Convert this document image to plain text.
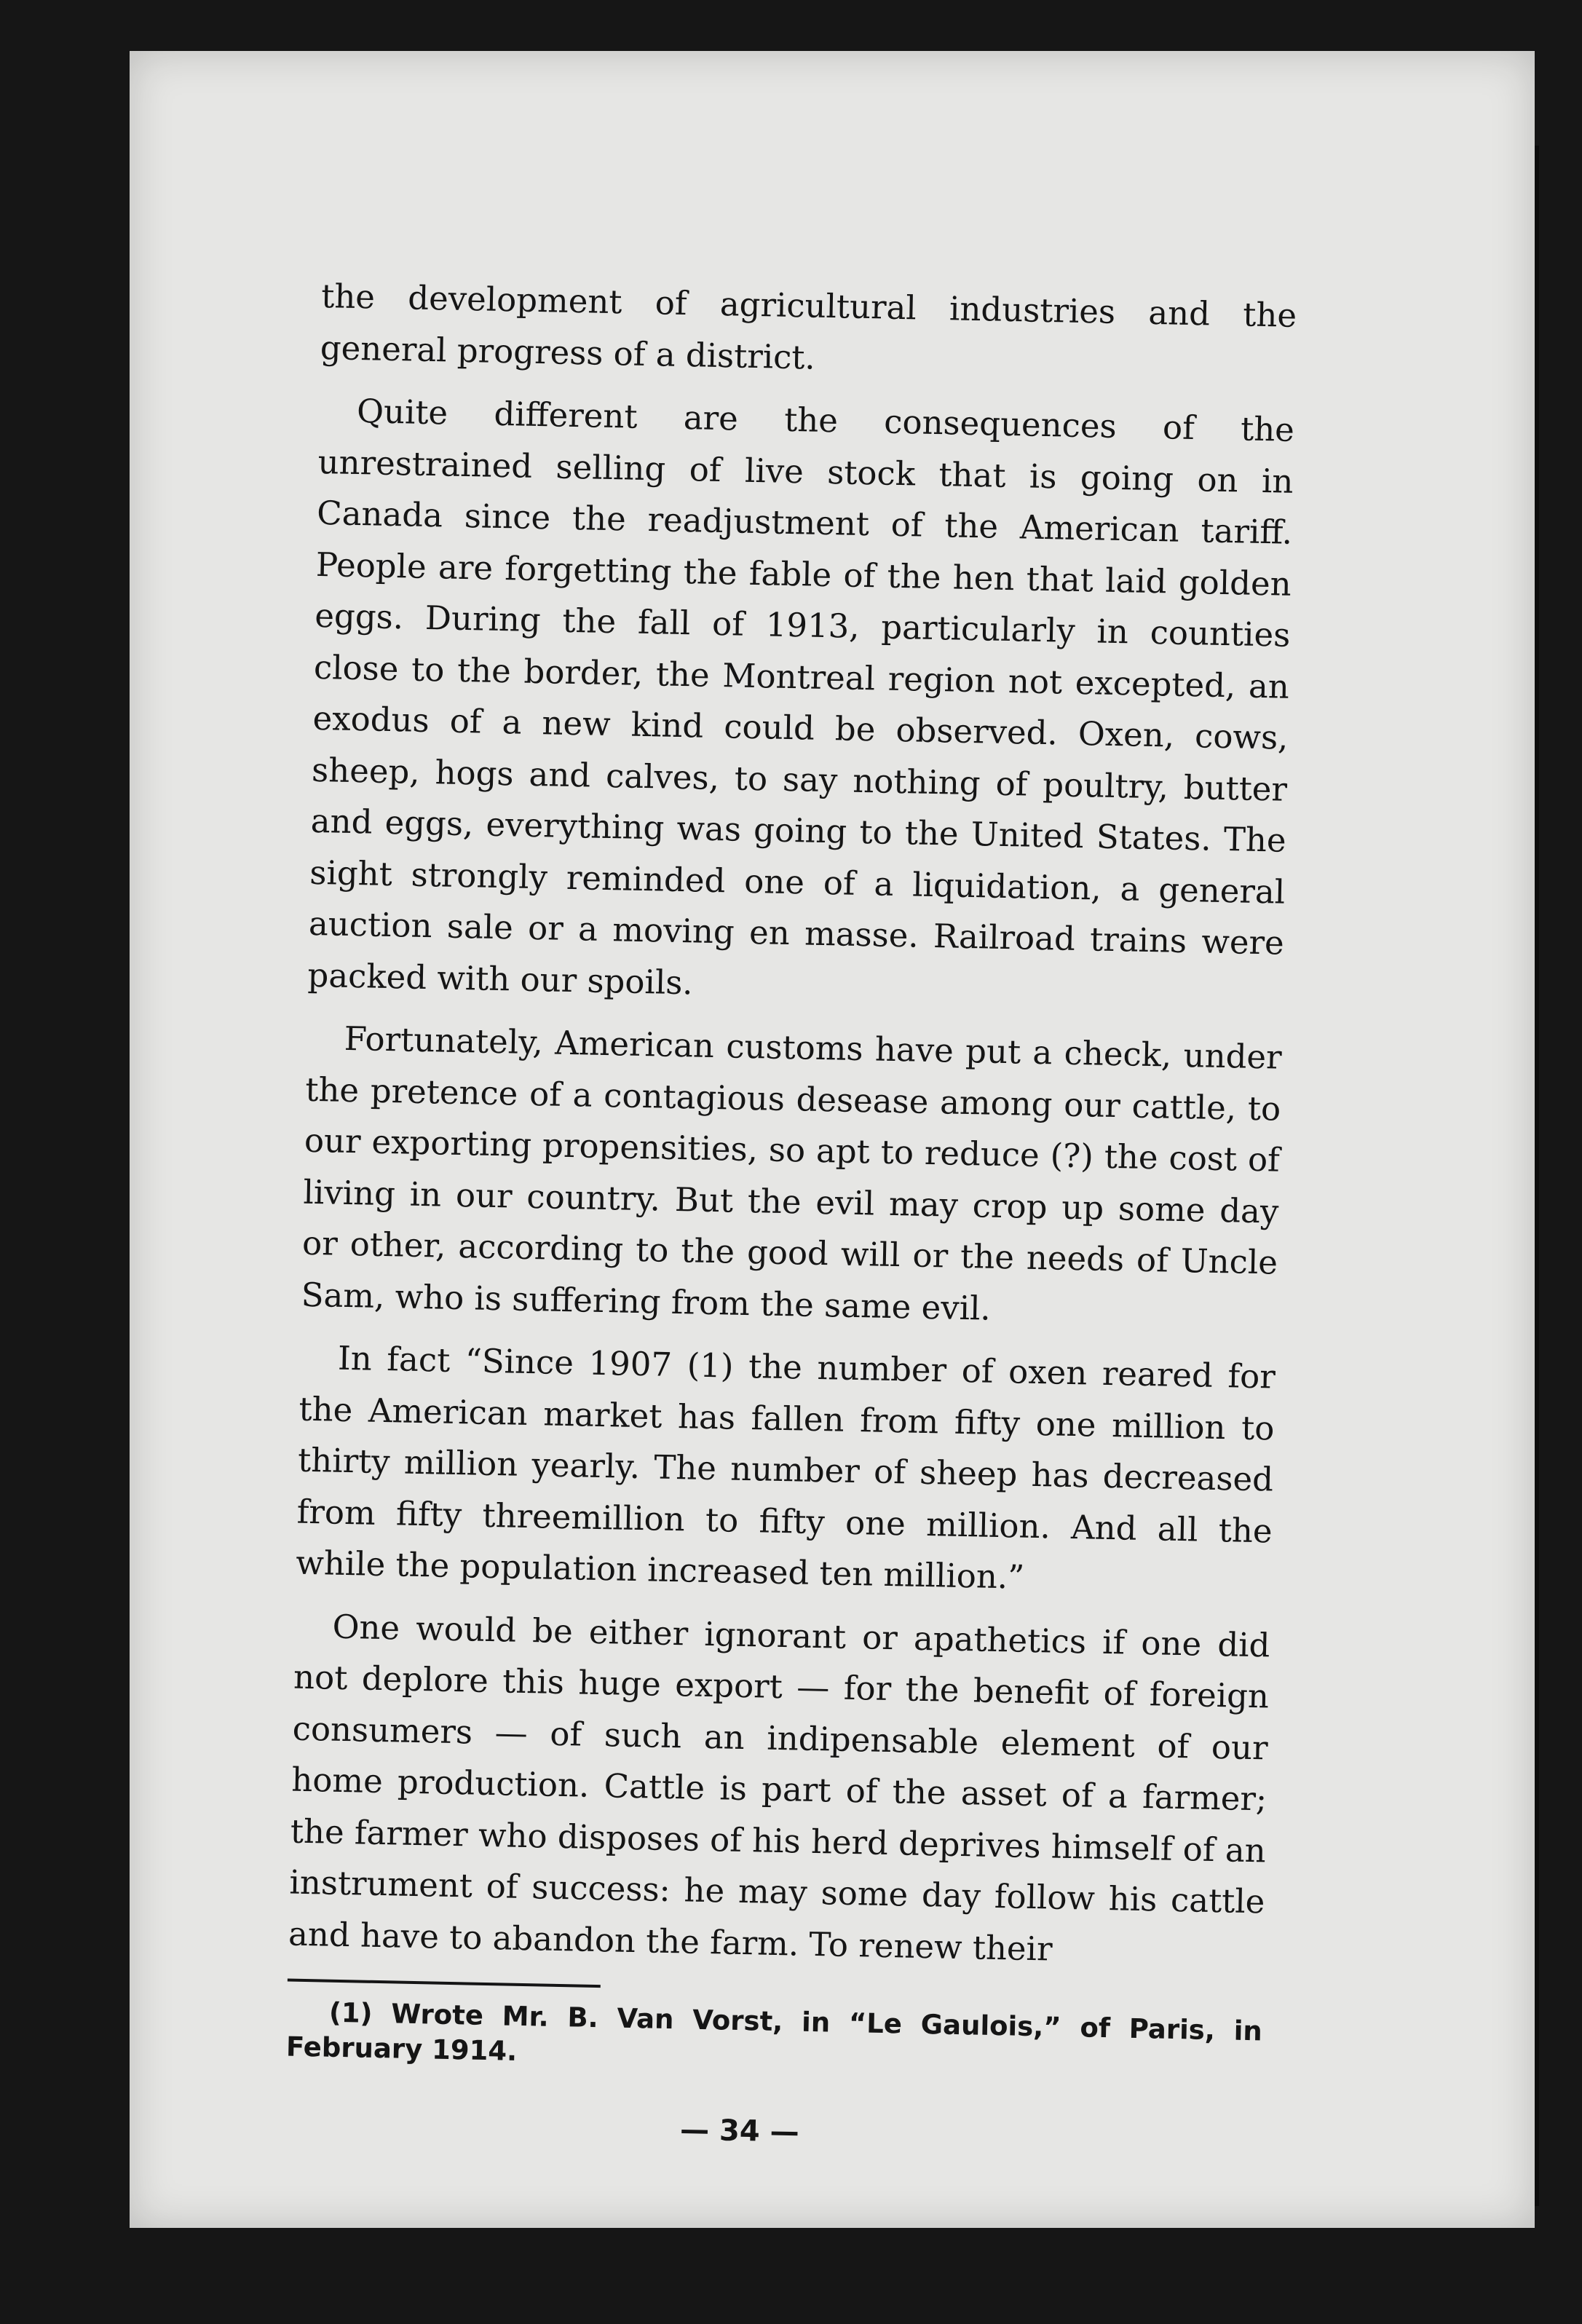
the development of agricultural industries and the general progress of a district.

Quite different are the consequences of the unrestrained selling of live stock that is going on in Canada since the readjustment of the American tariff. People are forgetting the fable of the hen that laid golden eggs. During the fall of 1913, particularly in counties close to the border, the Montreal region not excepted, an exodus of a new kind could be observed. Oxen, cows, sheep, hogs and calves, to say nothing of poultry, butter and eggs, everything was going to the United States. The sight strongly reminded one of a liquidation, a general auction sale or a moving en masse. Railroad trains were packed with our spoils.

Fortunately, American customs have put a check, under the pretence of a contagious desease among our cattle, to our exporting propensities, so apt to reduce (?) the cost of living in our country. But the evil may crop up some day or other, according to the good will or the needs of Uncle Sam, who is suffering from the same evil.

In fact “Since 1907 (1) the number of oxen reared for the American market has fallen from fifty one million to thirty million yearly. The number of sheep has decreased from fifty threemillion to fifty one million. And all the while the population increased ten million.”

One would be either ignorant or apathetics if one did not deplore this huge export — for the benefit of foreign consumers — of such an indipensable element of our home production. Cattle is part of the asset of a farmer; the farmer who disposes of his herd deprives himself of an instrument of success: he may some day follow his cattle and have to abandon the farm. To renew their

(1) Wrote Mr. B. Van Vorst, in “Le Gaulois,” of Paris, in February 1914.

— 34 —
